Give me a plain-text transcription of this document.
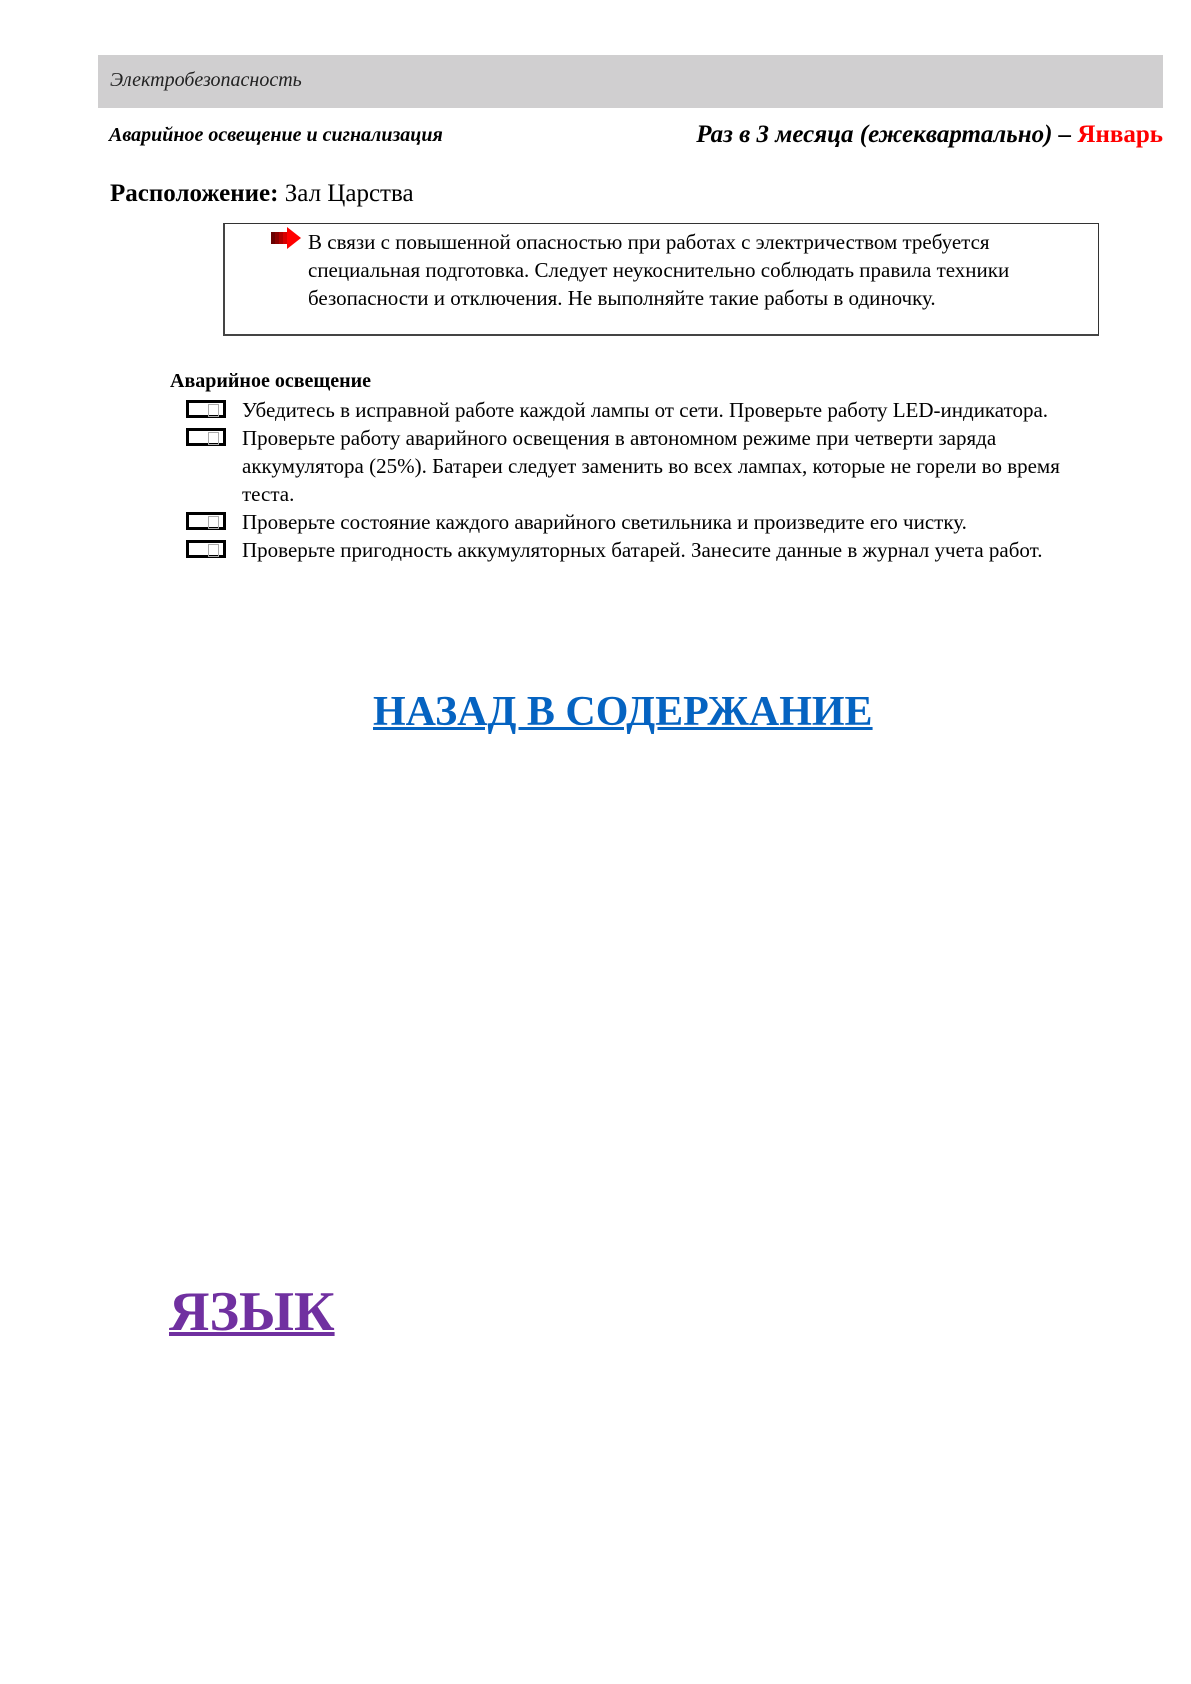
Электробезопасность
Аварийное освещение и сигнализация	Раз в 3 месяца (ежеквартально) – Январь
Расположение: Зал Царства
В связи с повышенной опасностью при работах с электричеством требуется специальная подготовка. Следует неукоснительно соблюдать правила техники безопасности и отключения. Не выполняйте такие работы в одиночку.
Аварийное освещение
Убедитесь в исправной работе каждой лампы от сети. Проверьте работу LED-индикатора.
Проверьте работу аварийного освещения в автономном режиме при четверти заряда аккумулятора (25%). Батареи следует заменить во всех лампах, которые не горели во время теста.
Проверьте состояние каждого аварийного светильника и произведите его чистку.
Проверьте пригодность аккумуляторных батарей. Занесите данные в журнал учета работ.
НАЗАД В СОДЕРЖАНИЕ
ЯЗЫК
